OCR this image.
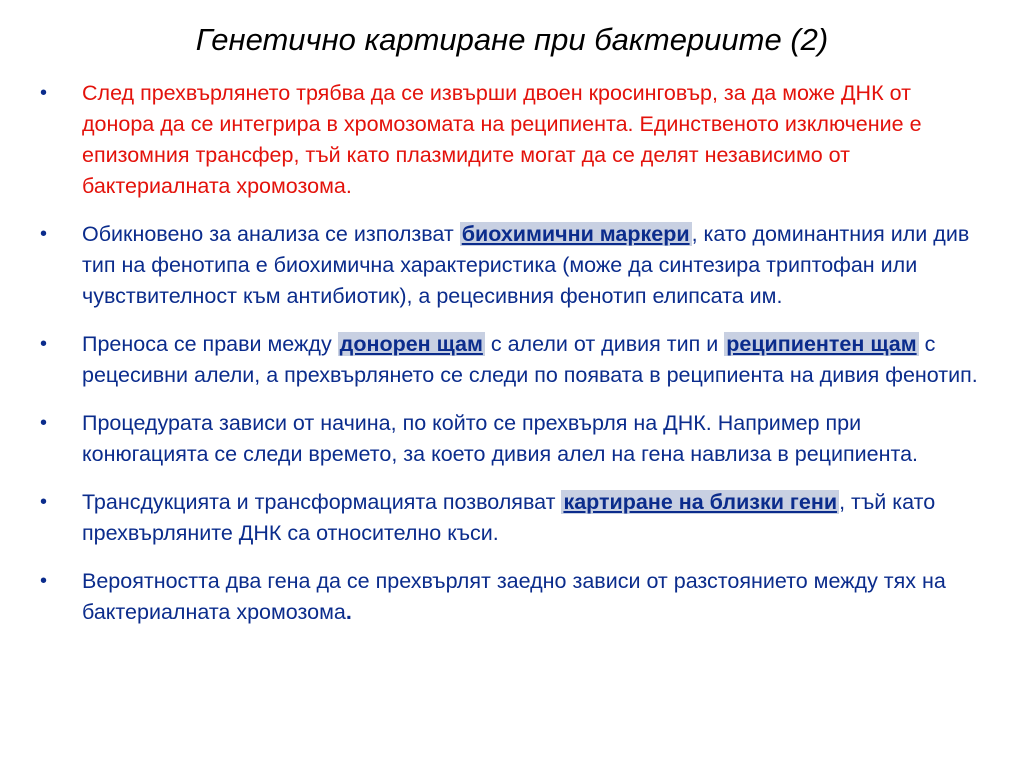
Генетично картиране при бактериите (2)
• След прехвърлянето трябва да се извърши двоен кросинговър, за да може ДНК от донора да се интегрира в хромозомата на реципиента. Единственото изключение е епизомния трансфер, тъй като плазмидите могат да се делят независимо от бактериалната хромозома.
• Обикновено за анализа се използват биохимични маркери, като доминантния или див тип на фенотипа е биохимична характеристика (може да синтезира триптофан или чувствителност към антибиотик), а рецесивния фенотип елипсата им.
• Преноса се прави между донорен щам с алели от дивия тип и реципиентен щам с рецесивни алели, а прехвърлянето се следи по появата в реципиента на дивия фенотип.
• Процедурата зависи от начина, по който се прехвърля на ДНК. Например при конюгацията се следи времето, за което дивия алел на гена навлиза в реципиента.
• Трансдукцията и трансформацията позволяват картиране на близки гени, тъй като прехвърляните ДНК са относително къси.
• Вероятността два гена да се прехвърлят заедно зависи от разстоянието между тях на бактериалната хромозома.
